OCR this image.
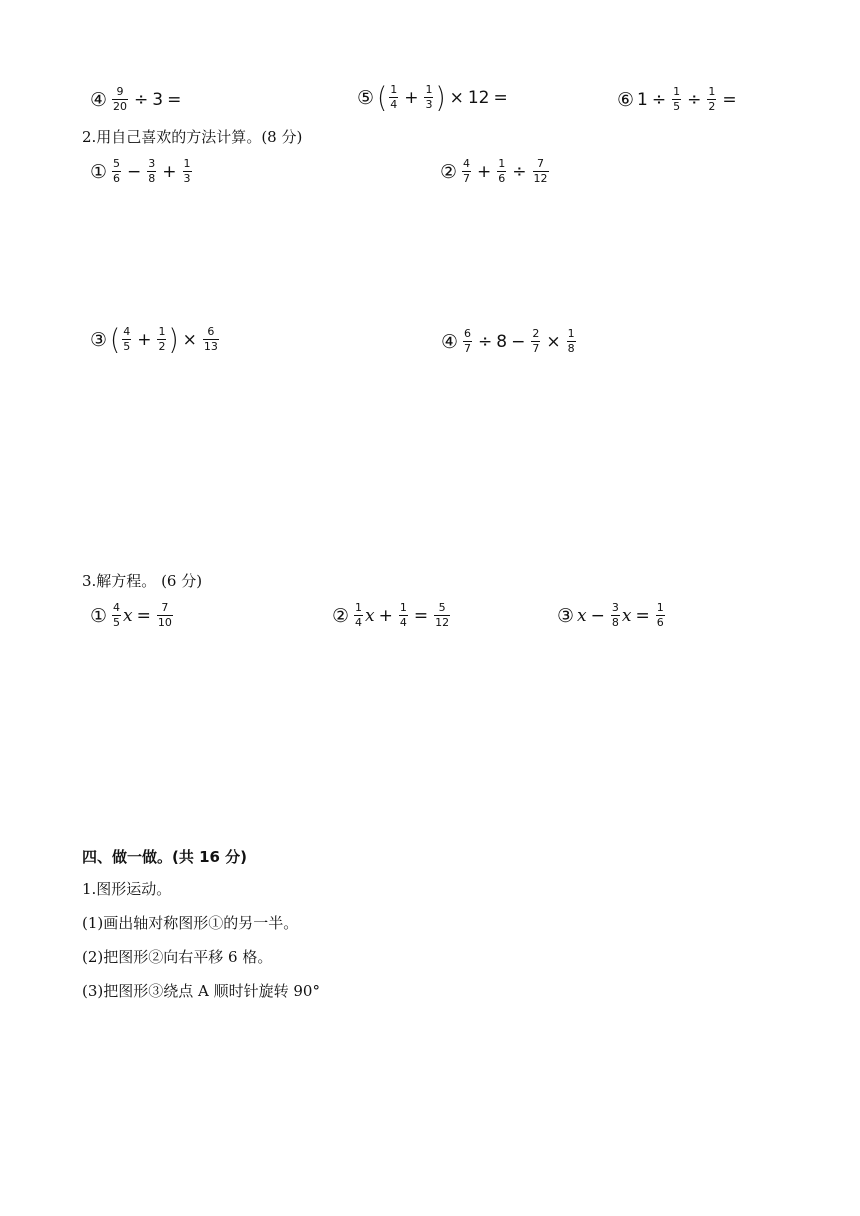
④ $\frac{9}{20} \div 3$ =	⑤ ( $\frac{1}{4} + \frac{1}{3}$ ) × 12 =	⑥ $1 \div \frac{1}{5} \div \frac{1}{2}$ =
2.用自己喜欢的方法计算。(8 分)
① $\frac{5}{6} - \frac{3}{8} + \frac{1}{3}$	② $\frac{4}{7} + \frac{1}{6} \div \frac{7}{12}$
③ ( $\frac{4}{5} + \frac{1}{2}$ ) × $\frac{6}{13}$	④ $\frac{6}{7} \div 8 - \frac{2}{7} \times \frac{1}{8}$
3.解方程。 (6 分)
① $\frac{4}{5}$ $x = \frac{7}{10}$	② $\frac{1}{4}$ $x + \frac{1}{4} = \frac{5}{12}$	③ $x - \frac{3}{8}$ $x = \frac{1}{6}$
四、做一做。(共 16 分)
1.图形运动。
(1)画出轴对称图形①的另一半。
(2)把图形②向右平移 6 格。
(3)把图形③绕点 A 顺时针旋转 90°
